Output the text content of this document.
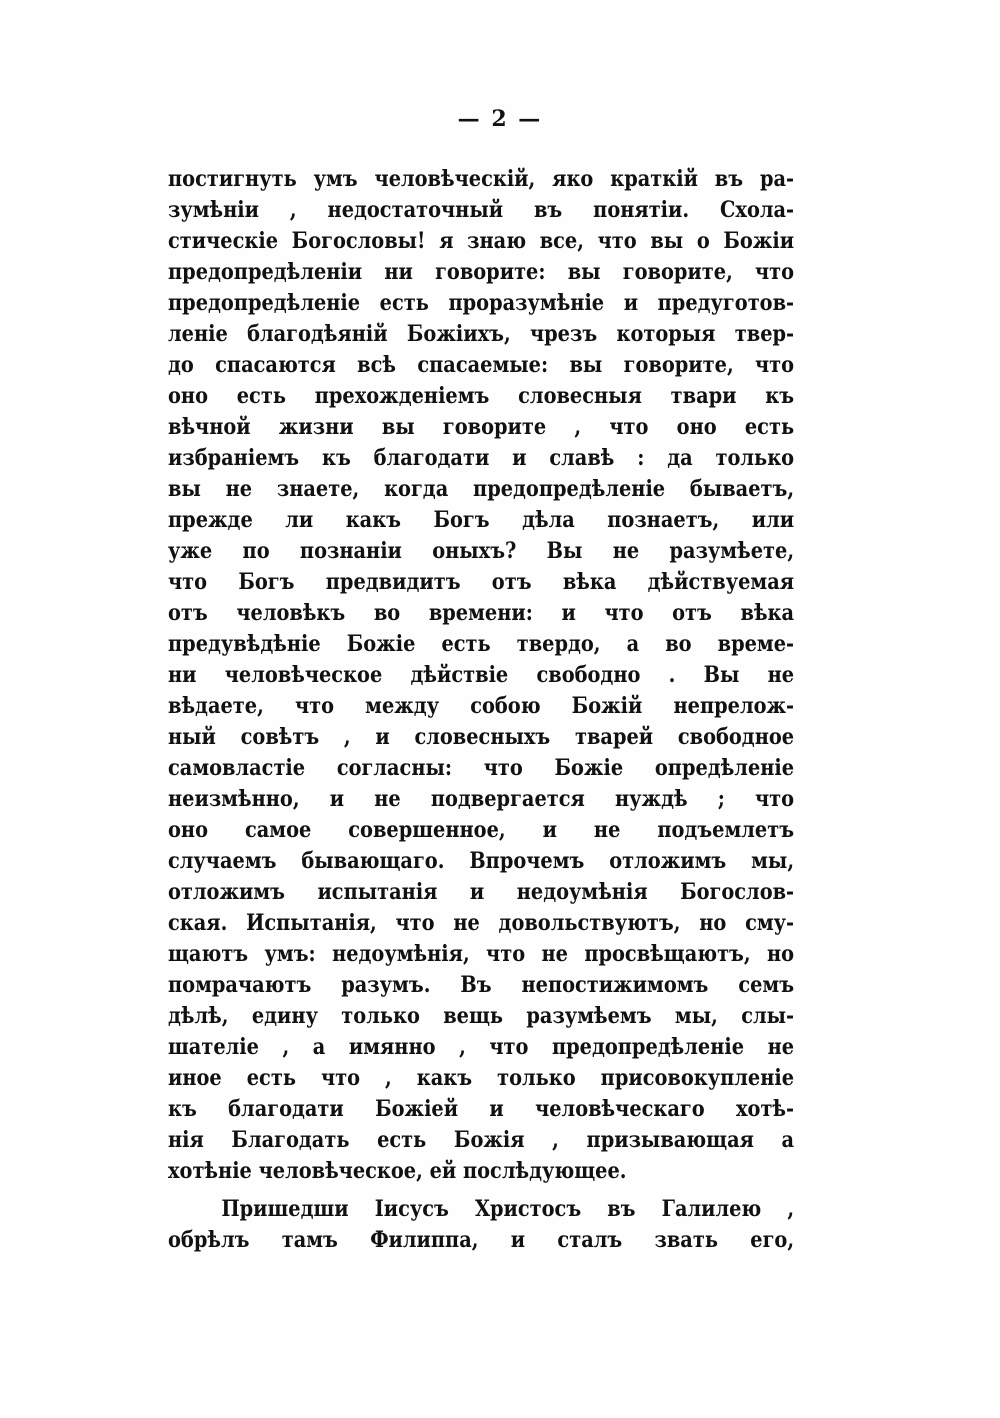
— 2 —
постигнуть умъ человѣческій, яко краткій въ ра-
зумѣніи , недостаточный въ понятіи. Схола-
стическіе Богословы! я знаю все, что вы о Божіи
предопредѣленіи ни говорите: вы говорите, что
предопредѣленіе есть проразумѣніе и предуготов-
леніе благодѣяній Божіихъ, чрезъ которыя твер-
до спасаются всѣ спасаемые: вы говорите, что
оно есть прехожденіемъ словесныя твари къ
вѣчной жизни вы говорите , что оно есть
избраніемъ къ благодати и славѣ : да только
вы не знаете, когда предопредѣленіе бываетъ,
прежде ли какъ Богъ дѣла познаетъ, или
уже по познаніи оныхъ? Вы не разумѣете,
что Богъ предвидитъ отъ вѣка дѣйствуемая
отъ человѣкъ во времени: и что отъ вѣка
предувѣдѣніе Божіе есть твердо, а во време-
ни человѣческое дѣйствіе свободно . Вы не
вѣдаете, что между собою Божій непрелож-
ный совѣтъ , и словесныхъ тварей свободное
самовластіе согласны: что Божіе опредѣленіе
неизмѣнно, и не подвергается нуждѣ ; что
оно самое совершенное, и не подъемлетъ
случаемъ бывающаго. Впрочемъ отложимъ мы,
отложимъ испытанія и недоумѣнія Богослов-
ская. Испытанія, что не довольствуютъ, но сму-
щаютъ умъ: недоумѣнія, что не просвѣщаютъ, но
помрачаютъ разумъ. Въ непостижимомъ семъ
дѣлѣ, едину только вещь разумѣемъ мы, слы-
шателіе , а имянно , что предопредѣленіе не
иное есть что , какъ только присовокупленіе
къ благодати Божіей и человѣческаго хотѣ-
нія Благодать есть Божія , призывающая а
хотѣніе человѣческое, ей послѣдующее.
Пришедши Іисусъ Христосъ въ Галилею ,
обрѣлъ тамъ Филиппа, и сталъ звать его,
